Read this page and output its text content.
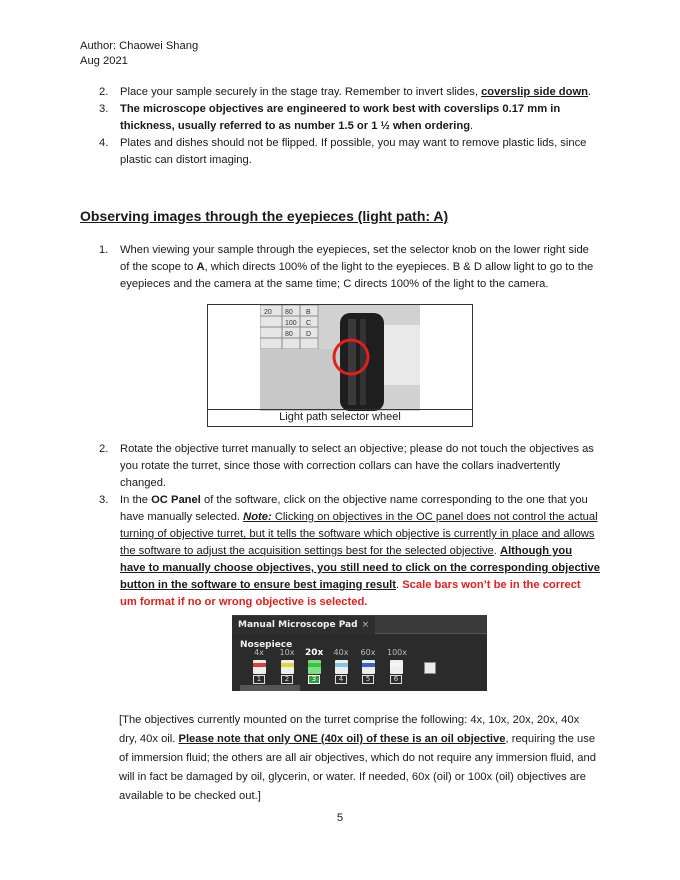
Author: Chaowei Shang
Aug 2021
2. Place your sample securely in the stage tray. Remember to invert slides, coverslip side down.
3. The microscope objectives are engineered to work best with coverslips 0.17 mm in thickness, usually referred to as number 1.5 or 1 ½ when ordering.
4. Plates and dishes should not be flipped. If possible, you may want to remove plastic lids, since plastic can distort imaging.
Observing images through the eyepieces (light path: A)
1. When viewing your sample through the eyepieces, set the selector knob on the lower right side of the scope to A, which directs 100% of the light to the eyepieces. B & D allow light to go to the eyepieces and the camera at the same time; C directs 100% of the light to the camera.
20 80 B
100 C
80 D
Light path selector wheel
2. Rotate the objective turret manually to select an objective; please do not touch the objectives as you rotate the turret, since those with correction collars can have the collars inadvertently changed.
3. In the OC Panel of the software, click on the objective name corresponding to the one that you have manually selected. Note: Clicking on objectives in the OC panel does not control the actual turning of objective turret, but it tells the software which objective is currently in place and allows the software to adjust the acquisition settings best for the selected objective. Although you have to manually choose objectives, you still need to click on the corresponding objective button in the software to ensure best imaging result. Scale bars won’t be in the correct um format if no or wrong objective is selected.
Manual Microscope Pad ×
Nosepiece
4x
1
10x
2
20x
3
40x
4
60x
5
100x
6
[The objectives currently mounted on the turret comprise the following: 4x, 10x, 20x, 20x, 40x dry, 40x oil. Please note that only ONE (40x oil) of these is an oil objective, requiring the use of immersion fluid; the others are all air objectives, which do not require any immersion fluid, and will in fact be damaged by oil, glycerin, or water. If needed, 60x (oil) or 100x (oil) objectives are available to be checked out.]
5
